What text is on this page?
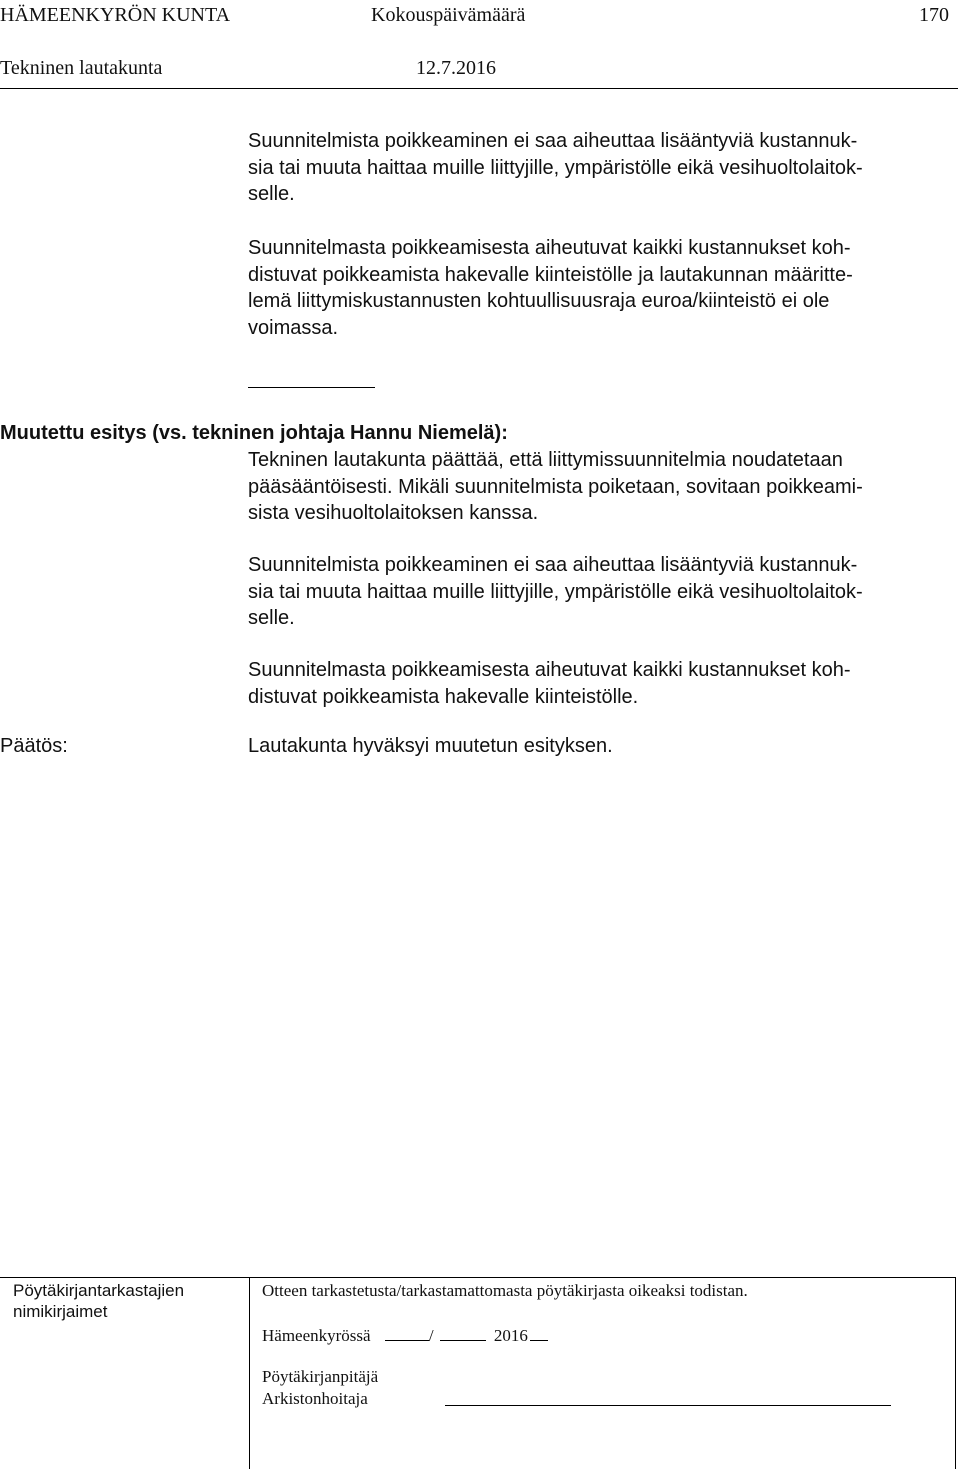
HÄMEENKYRÖN KUNTA	Kokouspäivämäärä	170
Tekninen lautakunta	12.7.2016
Suunnitelmista poikkeaminen ei saa aiheuttaa lisääntyviä kustannuk-
sia tai muuta haittaa muille liittyjille, ympäristölle eikä vesihuoltolaitok-
selle.
Suunnitelmasta poikkeamisesta aiheutuvat kaikki kustannukset koh-
distuvat poikkeamista hakevalle kiinteistölle ja lautakunnan määritte-
lemä liittymiskustannusten kohtuullisuusraja euroa/kiinteistö ei ole
voimassa.
Muutettu esitys (vs. tekninen johtaja Hannu Niemelä):
Tekninen lautakunta päättää, että liittymissuunnitelmia noudatetaan
pääsääntöisesti. Mikäli suunnitelmista poiketaan, sovitaan poikkeami-
sista vesihuoltolaitoksen kanssa.
Suunnitelmista poikkeaminen ei saa aiheuttaa lisääntyviä kustannuk-
sia tai muuta haittaa muille liittyjille, ympäristölle eikä vesihuoltolaitok-
selle.
Suunnitelmasta poikkeamisesta aiheutuvat kaikki kustannukset koh-
distuvat poikkeamista hakevalle kiinteistölle.
Päätös:	Lautakunta hyväksyi muutetun esityksen.
Pöytäkirjantarkastajien
nimikirjaimet
Otteen tarkastetusta/tarkastamattomasta pöytäkirjasta oikeaksi todistan.
Hämeenkyrössä	/	2016
Pöytäkirjanpitäjä
Arkistonhoitaja
